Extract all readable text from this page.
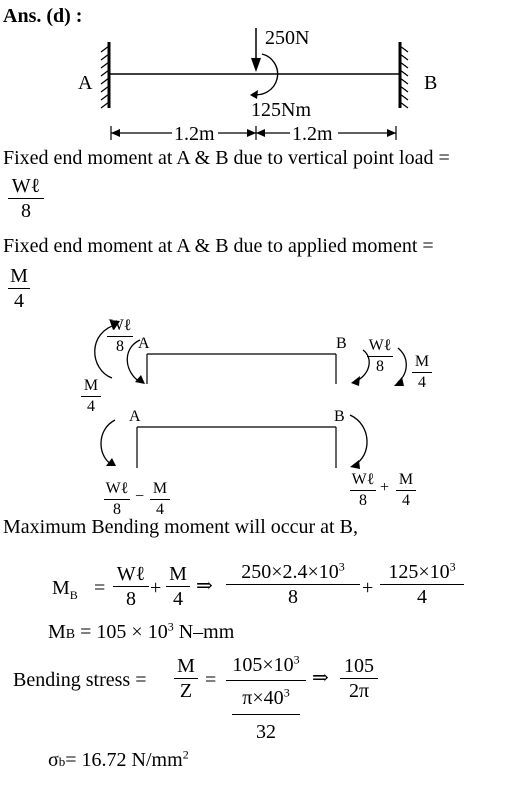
Ans. (d) :
A	B
250N
125Nm
1.2m	1.2m
Fixed end moment at A & B due to vertical point load =
Wℓ
8
Fixed end moment at A & B due to applied moment =
M
4
Wℓ
8 A	B
M
4
Wℓ
8	M
4
A	B
Wℓ
8
− M
4
Wℓ
8
+ M
4
Maximum Bending moment will occur at B,
$M_B$ =
Wℓ
8 +
M
4
⇒
$250\times 2.4\times 10^3$
8	+
$125\times 10^3$
4
MB = $105 \times 10^3$ N–mm
Bending stress =
M
Z =
$105\times 10^3$
$\pi\times 40^3$
32
⇒
105
2π
σb= 16.72 $N/mm^2$
